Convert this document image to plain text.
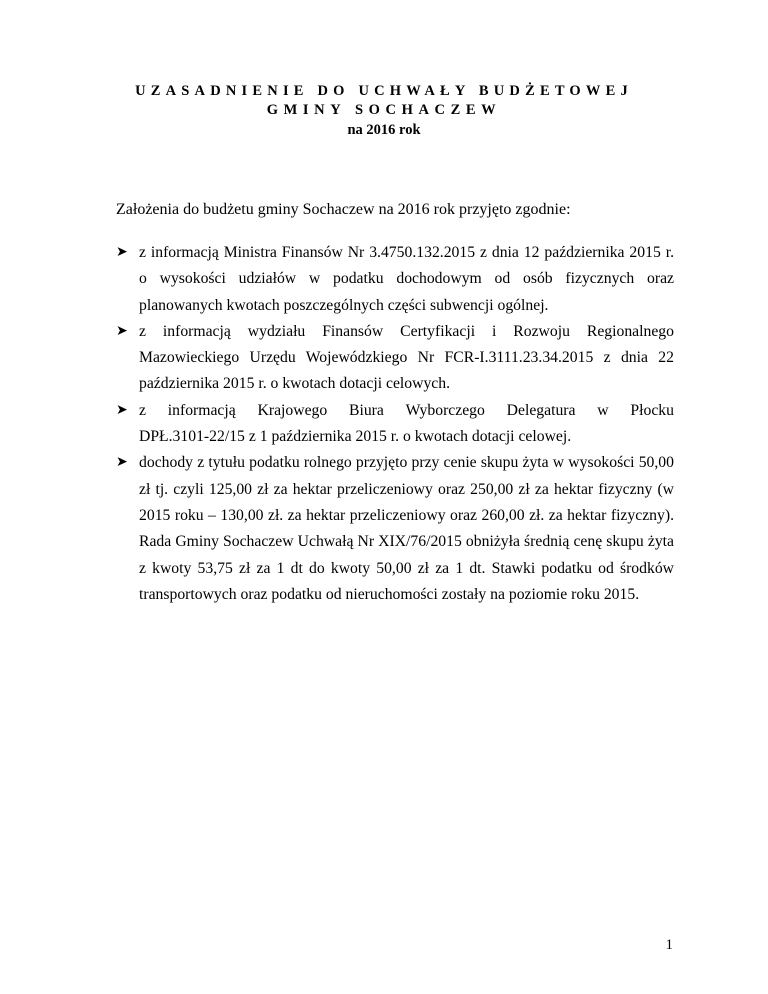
UZASADNIENIE DO UCHWAŁY BUDŻETOWEJ
GMINY SOCHACZEW
na 2016 rok
Założenia do budżetu gminy Sochaczew na 2016 rok przyjęto zgodnie:
➤ z informacją Ministra Finansów Nr 3.4750.132.2015 z dnia 12 października 2015 r. o wysokości udziałów w podatku dochodowym od osób fizycznych oraz planowanych kwotach poszczególnych części subwencji ogólnej.
➤ z informacją wydziału Finansów Certyfikacji i Rozwoju Regionalnego Mazowieckiego Urzędu Wojewódzkiego Nr FCR-I.3111.23.34.2015 z dnia 22 października 2015 r. o kwotach dotacji celowych.
➤ z informacją Krajowego Biura Wyborczego Delegatura w Płocku
DPŁ.3101-22/15 z 1 października 2015 r. o kwotach dotacji celowej.
➤ dochody z tytułu podatku rolnego przyjęto przy cenie skupu żyta w wysokości 50,00 zł tj. czyli 125,00 zł za hektar przeliczeniowy oraz 250,00 zł za hektar fizyczny (w 2015 roku – 130,00 zł. za hektar przeliczeniowy oraz 260,00 zł. za hektar fizyczny). Rada Gminy Sochaczew Uchwałą Nr XIX/76/2015 obniżyła średnią cenę skupu żyta z kwoty 53,75 zł za 1 dt do kwoty 50,00 zł za 1 dt. Stawki podatku od środków transportowych oraz podatku od nieruchomości zostały na poziomie roku 2015.
1
